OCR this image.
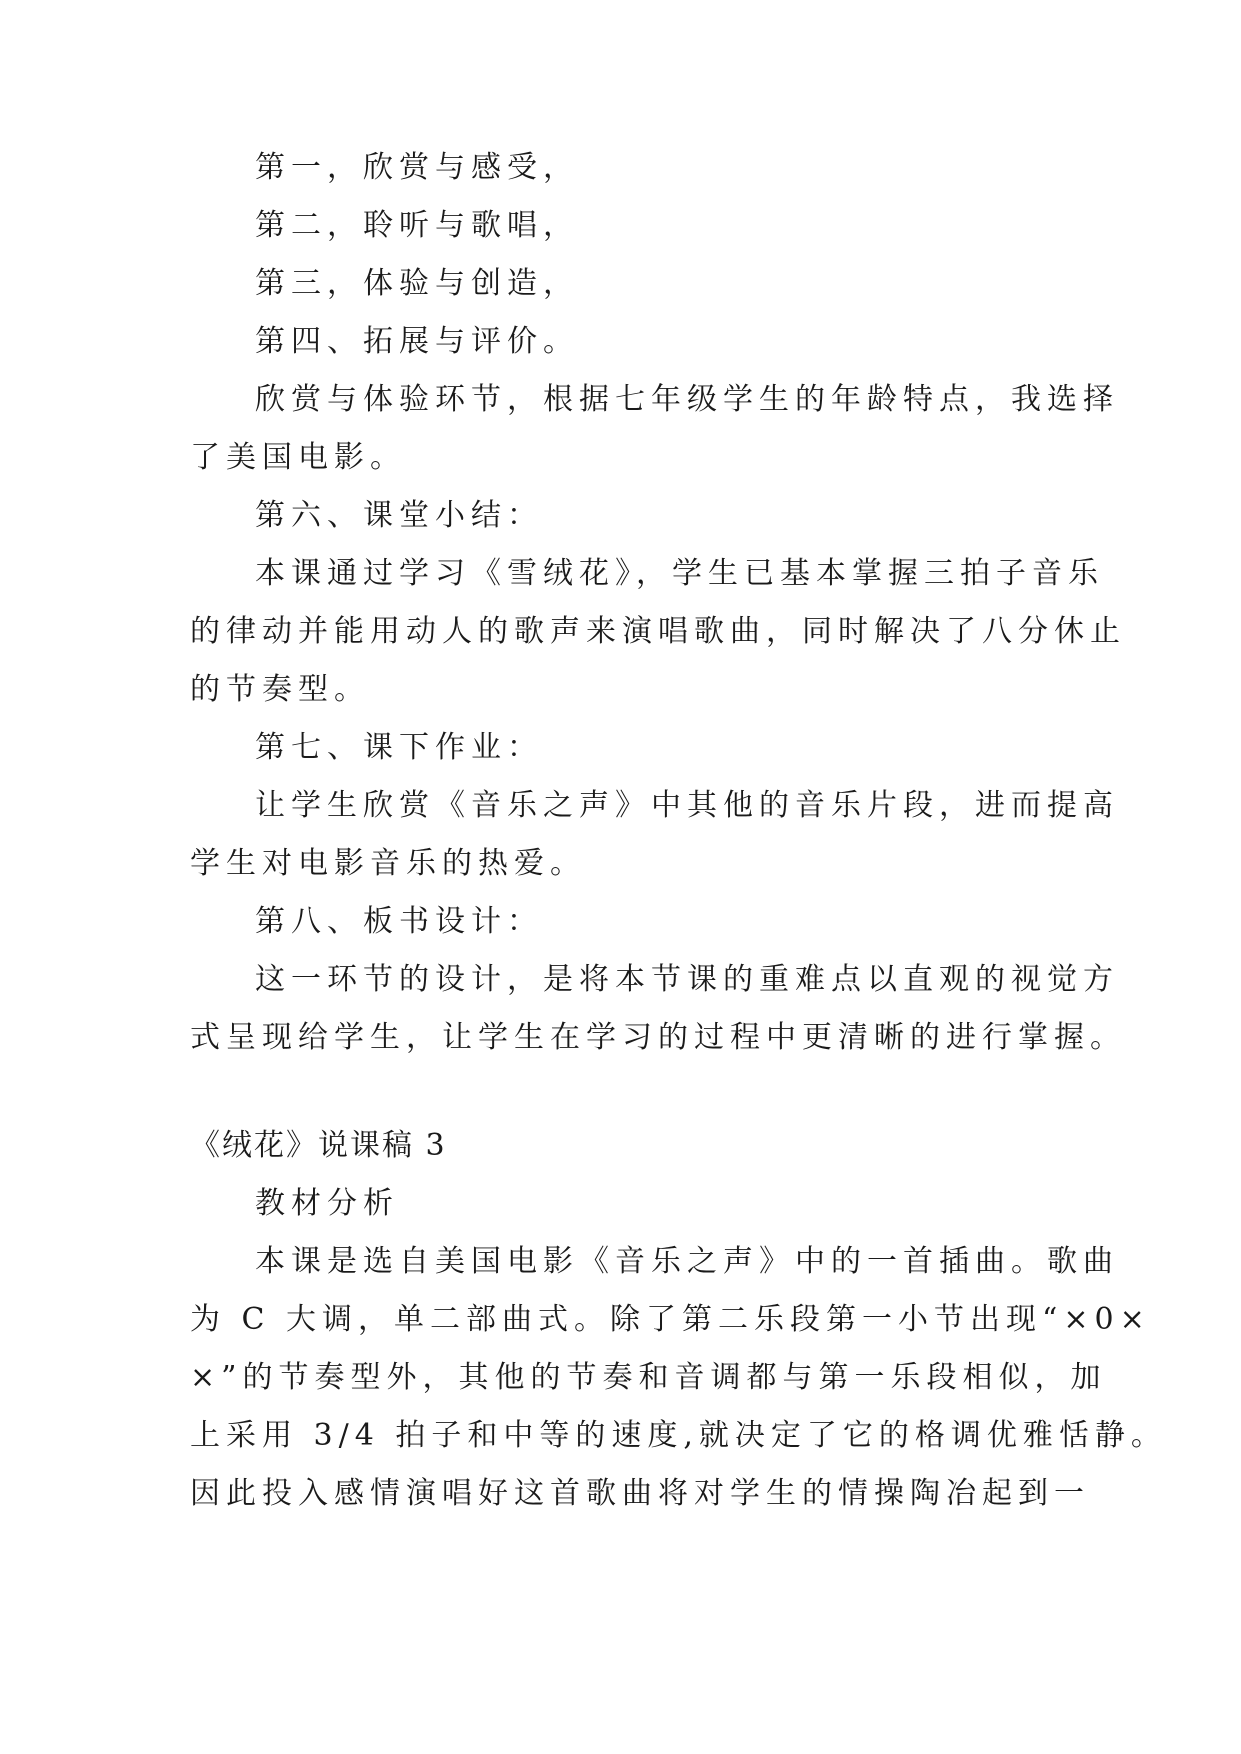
第一，欣赏与感受，
第二，聆听与歌唱，
第三，体验与创造，
第四、拓展与评价。
欣赏与体验环节，根据七年级学生的年龄特点，我选择
了美国电影。
第六、课堂小结：
本课通过学习《雪绒花》，学生已基本掌握三拍子音乐
的律动并能用动人的歌声来演唱歌曲，同时解决了八分休止
的节奏型。
第七、课下作业：
让学生欣赏《音乐之声》中其他的音乐片段，进而提高
学生对电影音乐的热爱。
第八、板书设计：
这一环节的设计，是将本节课的重难点以直观的视觉方
式呈现给学生，让学生在学习的过程中更清晰的进行掌握。
《绒花》说课稿 3
教材分析
本课是选自美国电影《音乐之声》中的一首插曲。歌曲
为 C 大调，单二部曲式。除了第二乐段第一小节出现“×0×
×”的节奏型外，其他的节奏和音调都与第一乐段相似，加
上采用 3/4 拍子和中等的速度,就决定了它的格调优雅恬静。
因此投入感情演唱好这首歌曲将对学生的情操陶冶起到一
